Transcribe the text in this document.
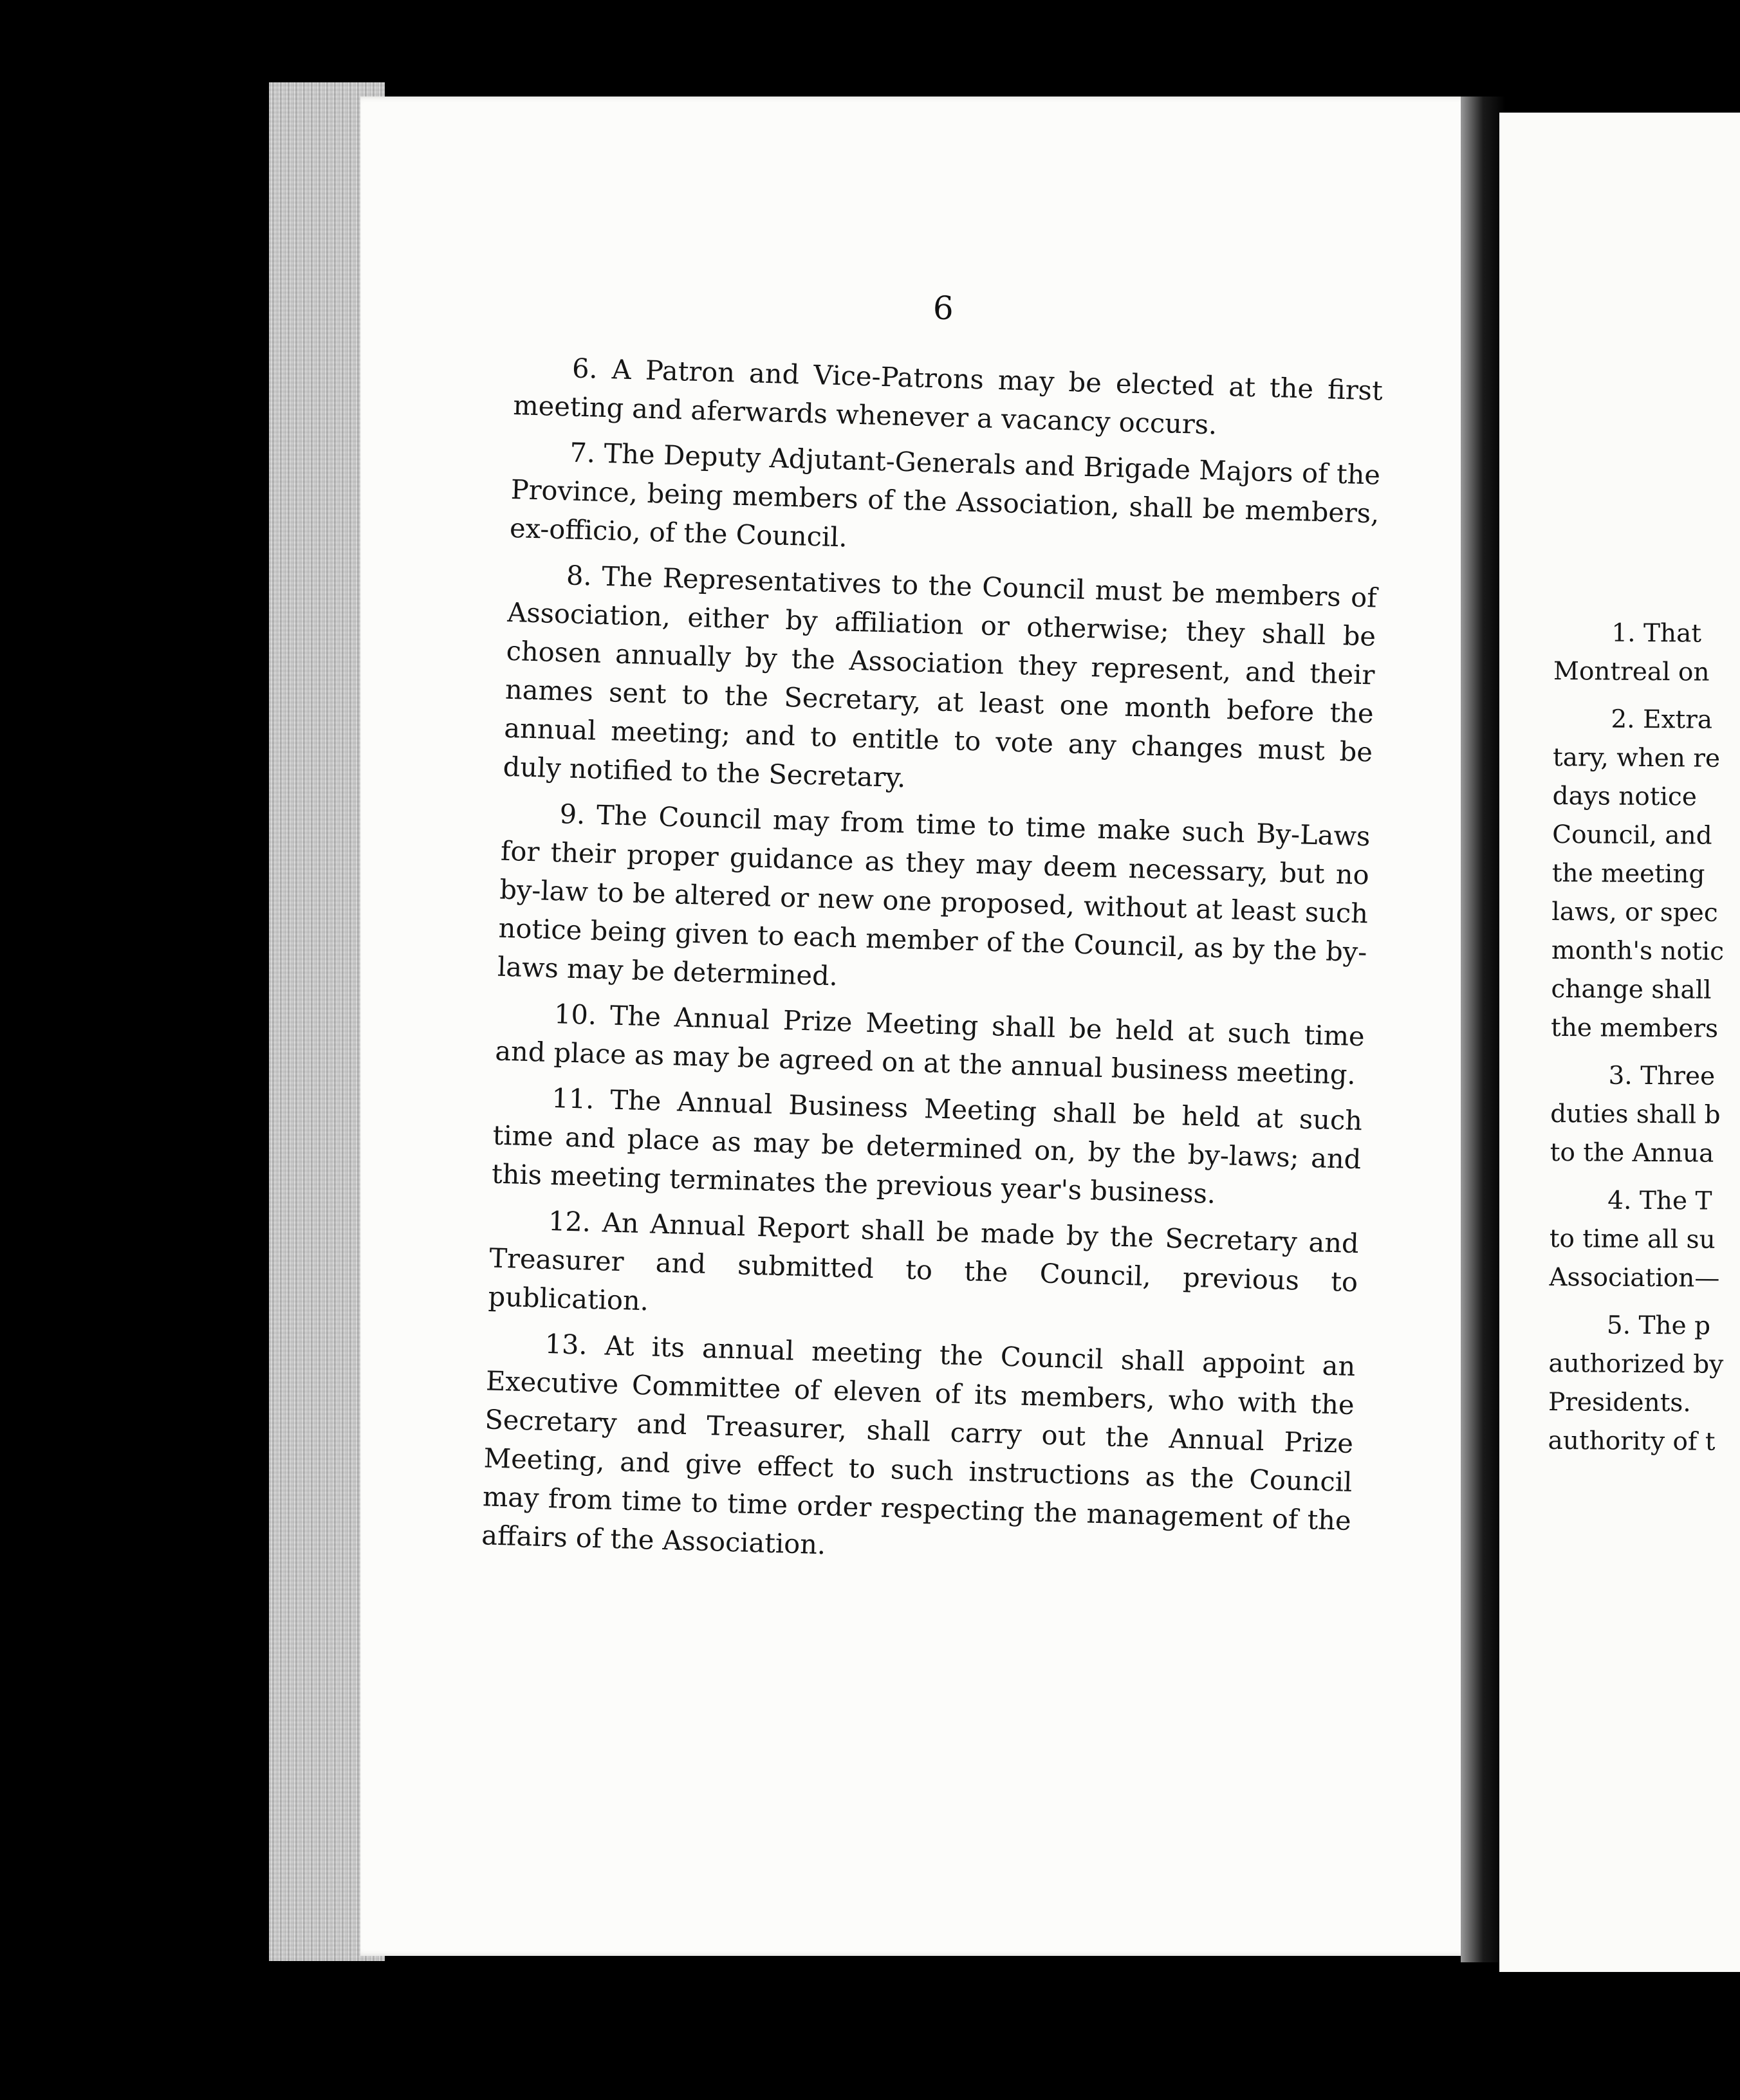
6

6. A Patron and Vice-Patrons may be elected at the first meeting and aferwards whenever a vacancy occurs.

7. The Deputy Adjutant-Generals and Brigade Majors of the Province, being members of the Association, shall be members, ex-officio, of the Council.

8. The Representatives to the Council must be members of Association, either by affiliation or otherwise; they shall be chosen annually by the Association they represent, and their names sent to the Secretary, at least one month before the annual meeting; and to entitle to vote any changes must be duly notified to the Secretary.

9. The Council may from time to time make such By-Laws for their proper guidance as they may deem necessary, but no by-law to be altered or new one proposed, without at least such notice being given to each member of the Council, as by the by-laws may be determined.

10. The Annual Prize Meeting shall be held at such time and place as may be agreed on at the annual business meeting.

11. The Annual Business Meeting shall be held at such time and place as may be determined on, by the by-laws; and this meeting terminates the previous year's business.

12. An Annual Report shall be made by the Secretary and Treasurer and submitted to the Council, previous to publication.

13. At its annual meeting the Council shall appoint an Executive Committee of eleven of its members, who with the Secretary and Treasurer, shall carry out the Annual Prize Meeting, and give effect to such instructions as the Council may from time to time order respecting the management of the affairs of the Association.

1. That
Montreal on
2. Extra
tary, when re
days notice
Council, and
the meeting
laws, or spec
month's notic
change shall
the members
3. Three
duties shall b
to the Annua
4. The T
to time all su
Association—
5. The p
authorized by
Presidents.
authority of t
